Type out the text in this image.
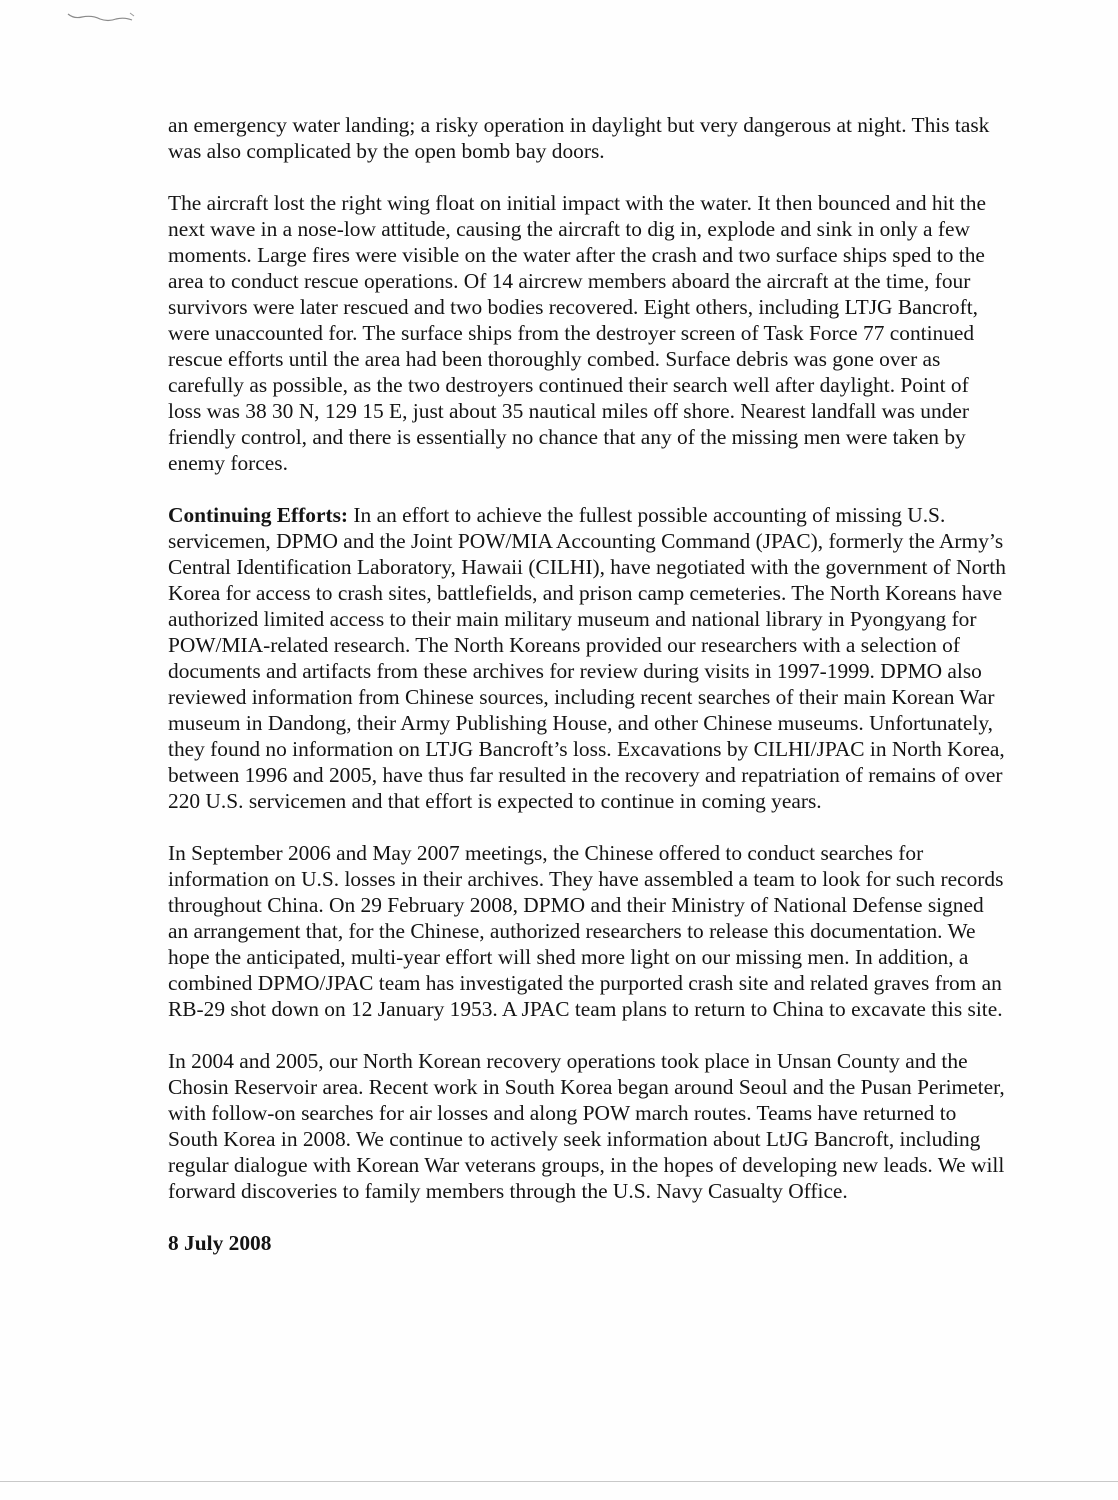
an emergency water landing; a risky operation in daylight but very dangerous at night. This task was also complicated by the open bomb bay doors.

The aircraft lost the right wing float on initial impact with the water. It then bounced and hit the next wave in a nose-low attitude, causing the aircraft to dig in, explode and sink in only a few moments. Large fires were visible on the water after the crash and two surface ships sped to the area to conduct rescue operations. Of 14 aircrew members aboard the aircraft at the time, four survivors were later rescued and two bodies recovered. Eight others, including LTJG Bancroft, were unaccounted for. The surface ships from the destroyer screen of Task Force 77 continued rescue efforts until the area had been thoroughly combed. Surface debris was gone over as carefully as possible, as the two destroyers continued their search well after daylight. Point of loss was 38 30 N, 129 15 E, just about 35 nautical miles off shore. Nearest landfall was under friendly control, and there is essentially no chance that any of the missing men were taken by enemy forces.

Continuing Efforts: In an effort to achieve the fullest possible accounting of missing U.S. servicemen, DPMO and the Joint POW/MIA Accounting Command (JPAC), formerly the Army’s Central Identification Laboratory, Hawaii (CILHI), have negotiated with the government of North Korea for access to crash sites, battlefields, and prison camp cemeteries. The North Koreans have authorized limited access to their main military museum and national library in Pyongyang for POW/MIA-related research. The North Koreans provided our researchers with a selection of documents and artifacts from these archives for review during visits in 1997-1999. DPMO also reviewed information from Chinese sources, including recent searches of their main Korean War museum in Dandong, their Army Publishing House, and other Chinese museums. Unfortunately, they found no information on LTJG Bancroft’s loss. Excavations by CILHI/JPAC in North Korea, between 1996 and 2005, have thus far resulted in the recovery and repatriation of remains of over 220 U.S. servicemen and that effort is expected to continue in coming years.

In September 2006 and May 2007 meetings, the Chinese offered to conduct searches for information on U.S. losses in their archives. They have assembled a team to look for such records throughout China. On 29 February 2008, DPMO and their Ministry of National Defense signed an arrangement that, for the Chinese, authorized researchers to release this documentation. We hope the anticipated, multi-year effort will shed more light on our missing men. In addition, a combined DPMO/JPAC team has investigated the purported crash site and related graves from an RB-29 shot down on 12 January 1953. A JPAC team plans to return to China to excavate this site.

In 2004 and 2005, our North Korean recovery operations took place in Unsan County and the Chosin Reservoir area. Recent work in South Korea began around Seoul and the Pusan Perimeter, with follow-on searches for air losses and along POW march routes. Teams have returned to South Korea in 2008. We continue to actively seek information about LtJG Bancroft, including regular dialogue with Korean War veterans groups, in the hopes of developing new leads. We will forward discoveries to family members through the U.S. Navy Casualty Office.

8 July 2008
